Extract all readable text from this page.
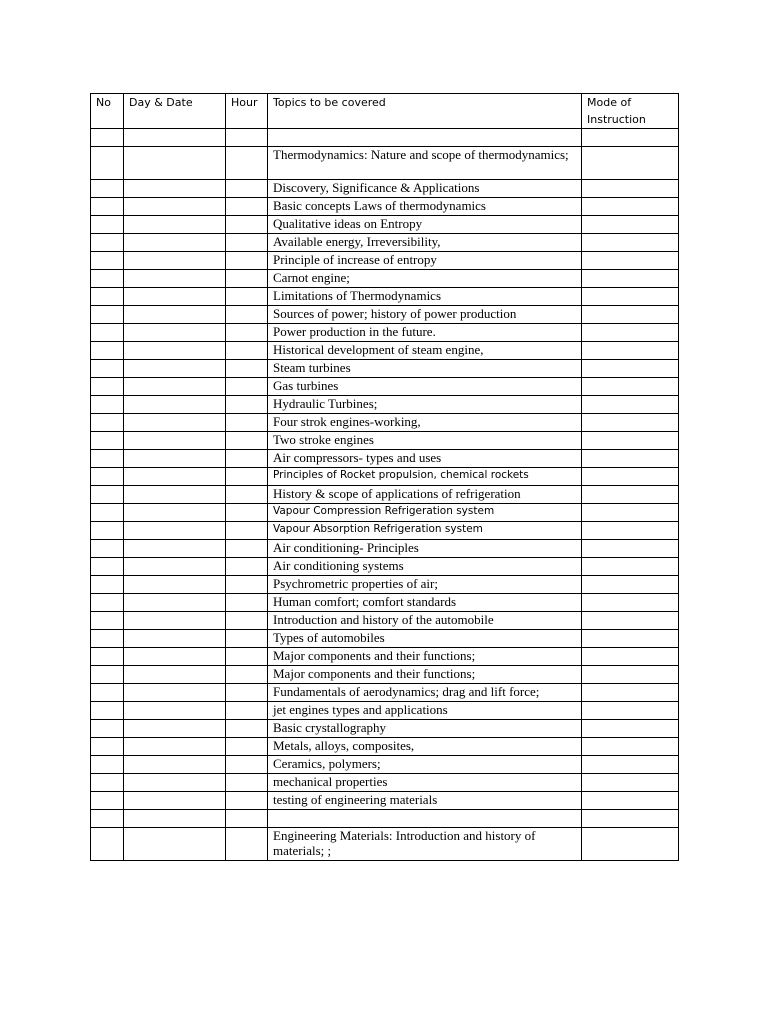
No	Day & Date	Hour	Topics to be covered	Mode of Instruction

			Thermodynamics: Nature and scope of thermodynamics;	
			Discovery, Significance & Applications	
			Basic concepts Laws of thermodynamics	
			Qualitative ideas on Entropy	
			Available energy, Irreversibility,	
			Principle of increase of entropy	
			Carnot engine;	
			Limitations of Thermodynamics	
			Sources of power; history of power production	
			Power production in the future.	
			Historical development of steam engine,	
			Steam turbines	
			Gas turbines	
			Hydraulic Turbines;	
			Four strok engines-working,	
			Two stroke engines	
			Air compressors- types and uses	
			Principles of Rocket propulsion, chemical rockets	
			History & scope of applications of refrigeration	
			Vapour Compression Refrigeration system	
			Vapour Absorption Refrigeration system	
			Air conditioning- Principles	
			Air conditioning systems	
			Psychrometric properties of air;	
			Human comfort; comfort standards	
			Introduction and history of the automobile	
			Types of automobiles	
			Major components and their functions;	
			Major components and their functions;	
			Fundamentals of aerodynamics; drag and lift force;	
			jet engines types and applications	
			Basic crystallography	
			Metals, alloys, composites,	
			Ceramics, polymers;	
			mechanical properties	
			testing of engineering materials	

			Engineering Materials: Introduction and history of materials; ;	
